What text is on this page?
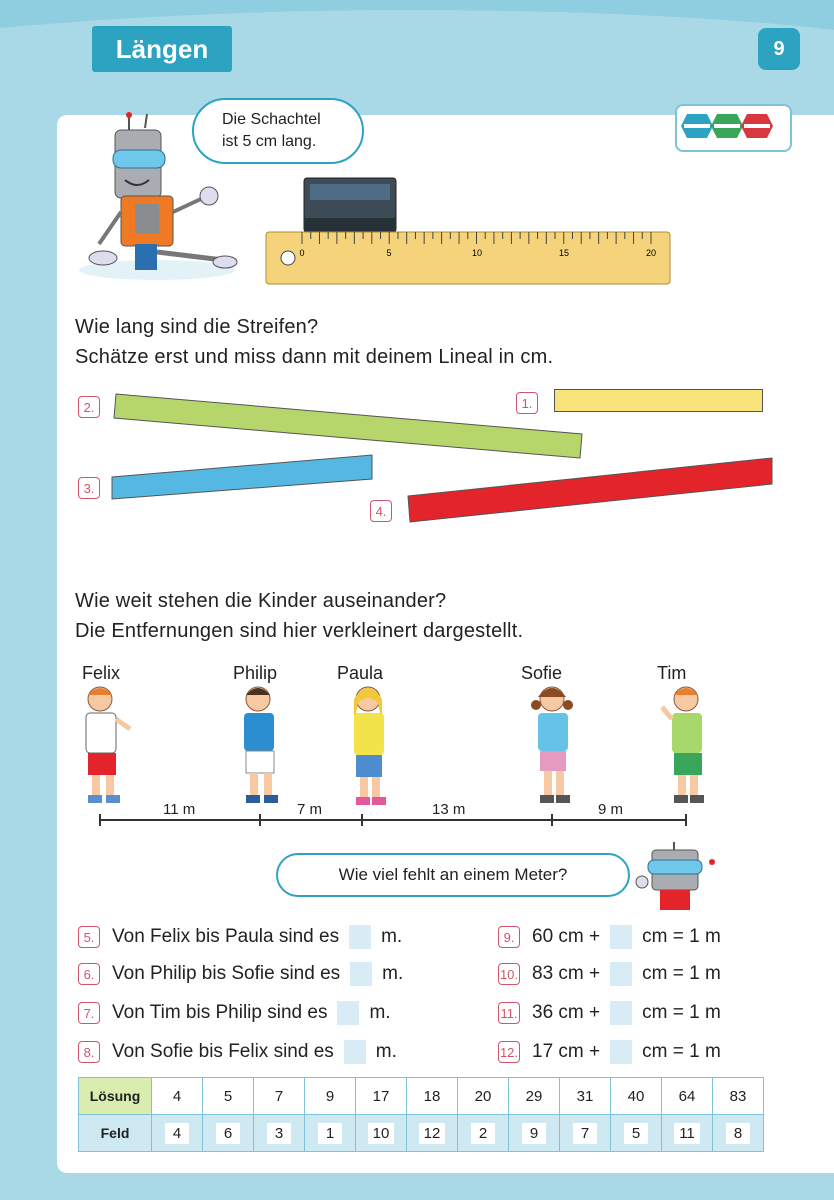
Längen	9
Die Schachtel
ist 5 cm lang.
0	5	10	15	20
Wie lang sind die Streifen?
Schätze erst und miss dann mit deinem Lineal in cm.
1.
2.
3.
4.
Wie weit stehen die Kinder auseinander?
Die Entfernungen sind hier verkleinert dargestellt.
Felix	Philip	Paula	Sofie	Tim
11 m	7 m	13 m	9 m
Wie viel fehlt an einem Meter?
5. Von Felix bis Paula sind es m.
6. Von Philip bis Sofie sind es m.
7. Von Tim bis Philip sind es m.
8. Von Sofie bis Felix sind es m.
9. 60 cm + cm = 1 m
10. 83 cm + cm = 1 m
11. 36 cm + cm = 1 m
12. 17 cm + cm = 1 m
Lösung	4	5	7	9	17	18	20	29	31	40	64	83
Feld	4	6	3	1	10	12	2	9	7	5	11	8
